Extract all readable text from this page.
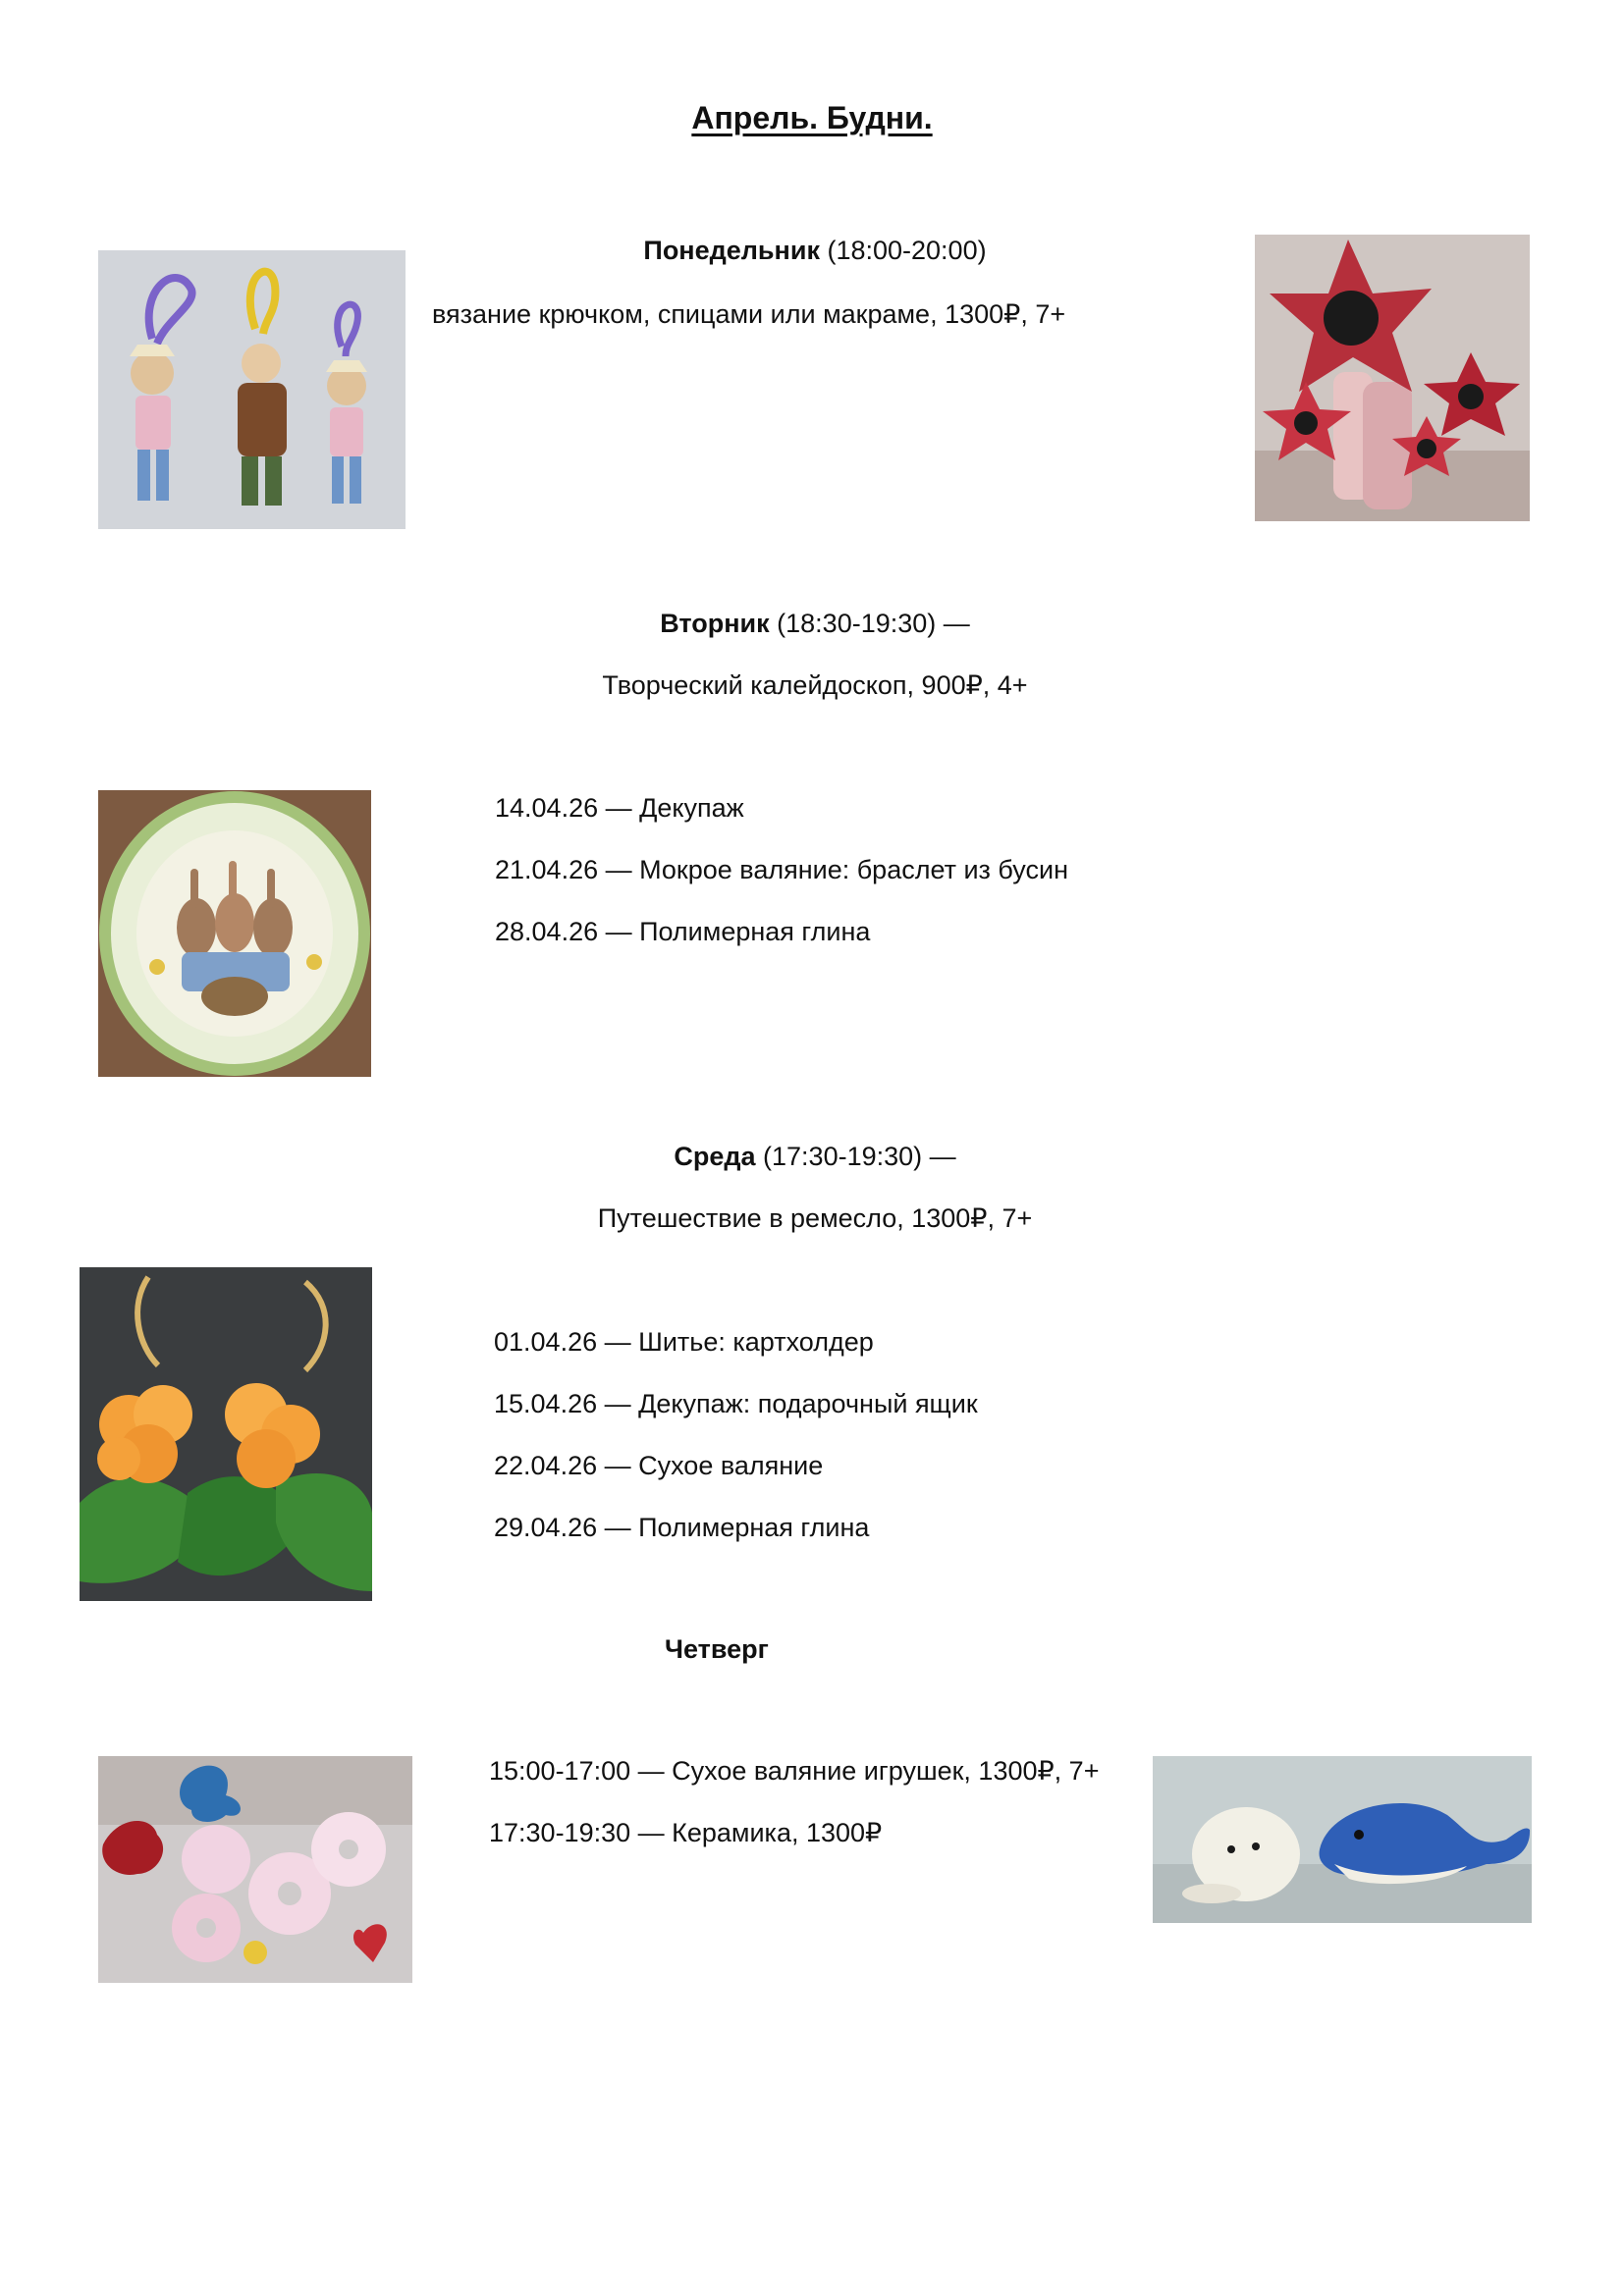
Апрель. Будни.
Понедельник (18:00-20:00)
вязание крючком, спицами или макраме, 1300₽, 7+
Вторник (18:30-19:30) —
Творческий калейдоскоп, 900₽, 4+
14.04.26 — Декупаж
21.04.26 — Мокрое валяние: браслет из бусин
28.04.26 — Полимерная глина
Среда (17:30-19:30) —
Путешествие в ремесло, 1300₽, 7+
01.04.26 — Шитье: картхолдер
15.04.26 — Декупаж: подарочный ящик
22.04.26 — Сухое валяние
29.04.26 — Полимерная глина
Четверг
15:00-17:00 — Сухое валяние игрушек, 1300₽, 7+
17:30-19:30 — Керамика, 1300₽
